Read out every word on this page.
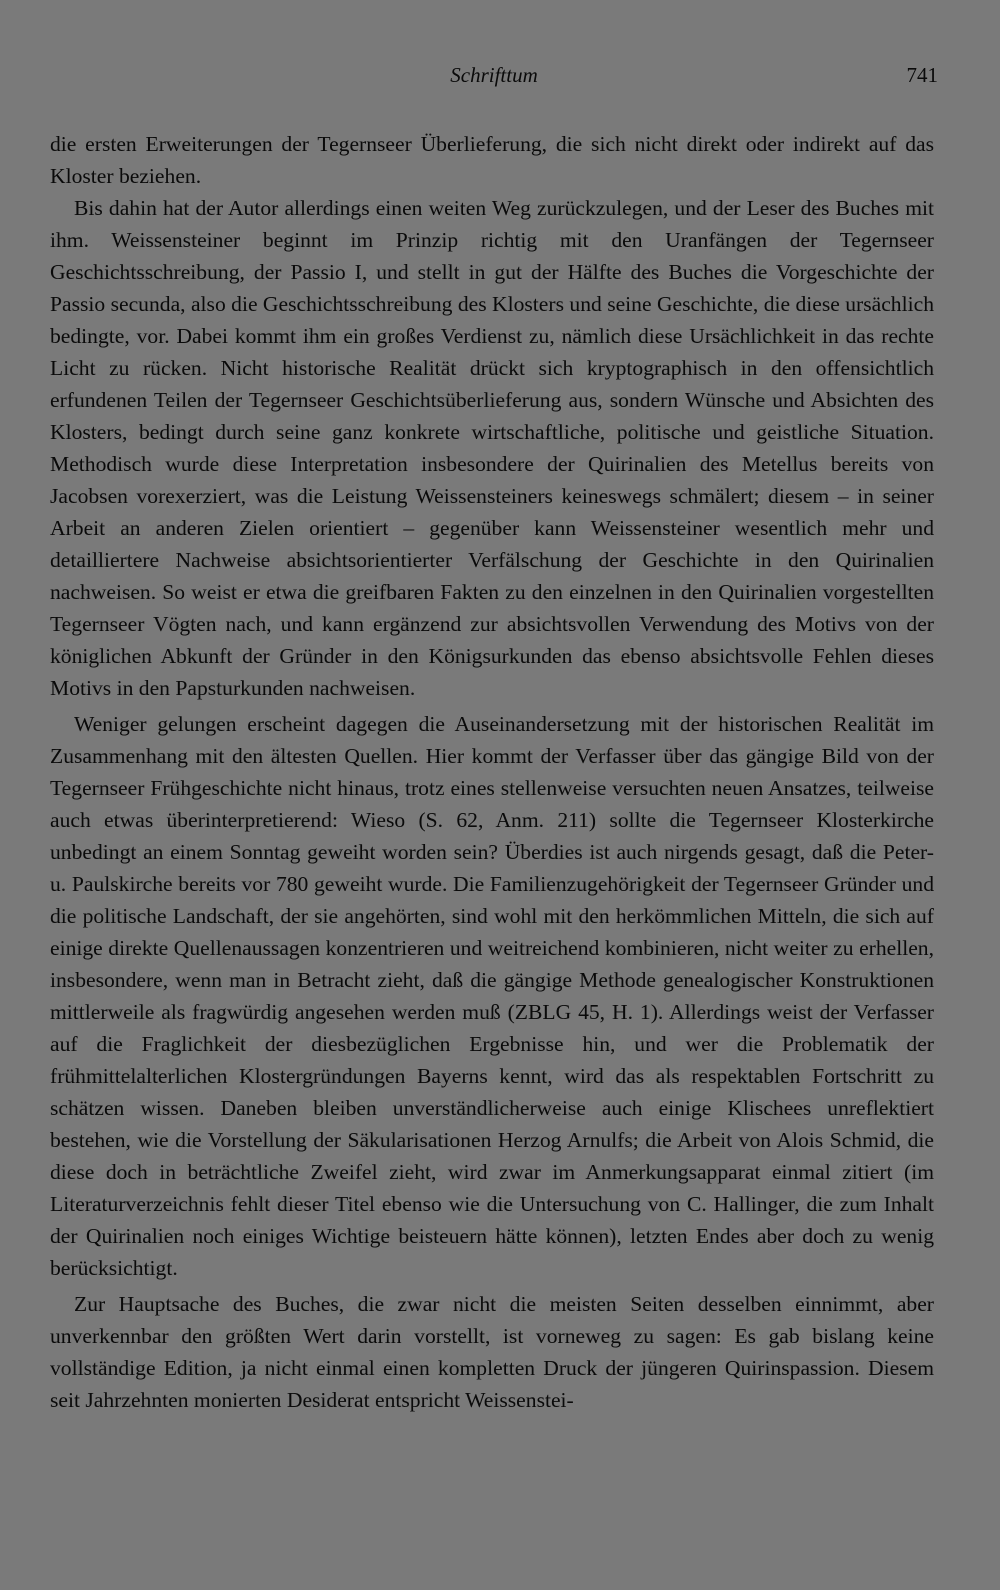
Schrifttum	741

die ersten Erweiterungen der Tegernseer Überlieferung, die sich nicht direkt oder indirekt auf das Kloster beziehen.

Bis dahin hat der Autor allerdings einen weiten Weg zurückzulegen, und der Leser des Buches mit ihm. Weissensteiner beginnt im Prinzip richtig mit den Uranfängen der Tegernseer Geschichtsschreibung, der Passio I, und stellt in gut der Hälfte des Buches die Vorgeschichte der Passio secunda, also die Geschichtsschreibung des Klosters und seine Geschichte, die diese ursächlich bedingte, vor. Dabei kommt ihm ein großes Verdienst zu, nämlich diese Ursächlichkeit in das rechte Licht zu rücken. Nicht historische Realität drückt sich kryptographisch in den offensichtlich erfundenen Teilen der Tegernseer Geschichtsüberlieferung aus, sondern Wünsche und Absichten des Klosters, bedingt durch seine ganz konkrete wirtschaftliche, politische und geistliche Situation. Methodisch wurde diese Interpretation insbesondere der Quirinalien des Metellus bereits von Jacobsen vorexerziert, was die Leistung Weissensteiners keineswegs schmälert; diesem – in seiner Arbeit an anderen Zielen orientiert – gegenüber kann Weissensteiner wesentlich mehr und detailliertere Nachweise absichtsorientierter Verfälschung der Geschichte in den Quirinalien nachweisen. So weist er etwa die greifbaren Fakten zu den einzelnen in den Quirinalien vorgestellten Tegernseer Vögten nach, und kann ergänzend zur absichtsvollen Verwendung des Motivs von der königlichen Abkunft der Gründer in den Königsurkunden das ebenso absichtsvolle Fehlen dieses Motivs in den Papsturkunden nachweisen.

Weniger gelungen erscheint dagegen die Auseinandersetzung mit der historischen Realität im Zusammenhang mit den ältesten Quellen. Hier kommt der Verfasser über das gängige Bild von der Tegernseer Frühgeschichte nicht hinaus, trotz eines stellenweise versuchten neuen Ansatzes, teilweise auch etwas überinterpretierend: Wieso (S. 62, Anm. 211) sollte die Tegernseer Klosterkirche unbedingt an einem Sonntag geweiht worden sein? Überdies ist auch nirgends gesagt, daß die Peter- u. Paulskirche bereits vor 780 geweiht wurde. Die Familienzugehörigkeit der Tegernseer Gründer und die politische Landschaft, der sie angehörten, sind wohl mit den herkömmlichen Mitteln, die sich auf einige direkte Quellenaussagen konzentrieren und weitreichend kombinieren, nicht weiter zu erhellen, insbesondere, wenn man in Betracht zieht, daß die gängige Methode genealogischer Konstruktionen mittlerweile als fragwürdig angesehen werden muß (ZBLG 45, H. 1). Allerdings weist der Verfasser auf die Fraglichkeit der diesbezüglichen Ergebnisse hin, und wer die Problematik der frühmittelalterlichen Klostergründungen Bayerns kennt, wird das als respektablen Fortschritt zu schätzen wissen. Daneben bleiben unverständlicherweise auch einige Klischees unreflektiert bestehen, wie die Vorstellung der Säkularisationen Herzog Arnulfs; die Arbeit von Alois Schmid, die diese doch in beträchtliche Zweifel zieht, wird zwar im Anmerkungsapparat einmal zitiert (im Literaturverzeichnis fehlt dieser Titel ebenso wie die Untersuchung von C. Hallinger, die zum Inhalt der Quirinalien noch einiges Wichtige beisteuern hätte können), letzten Endes aber doch zu wenig berücksichtigt.

Zur Hauptsache des Buches, die zwar nicht die meisten Seiten desselben einnimmt, aber unverkennbar den größten Wert darin vorstellt, ist vorneweg zu sagen: Es gab bislang keine vollständige Edition, ja nicht einmal einen kompletten Druck der jüngeren Quirinspassion. Diesem seit Jahrzehnten monierten Desiderat entspricht Weissenstei-
